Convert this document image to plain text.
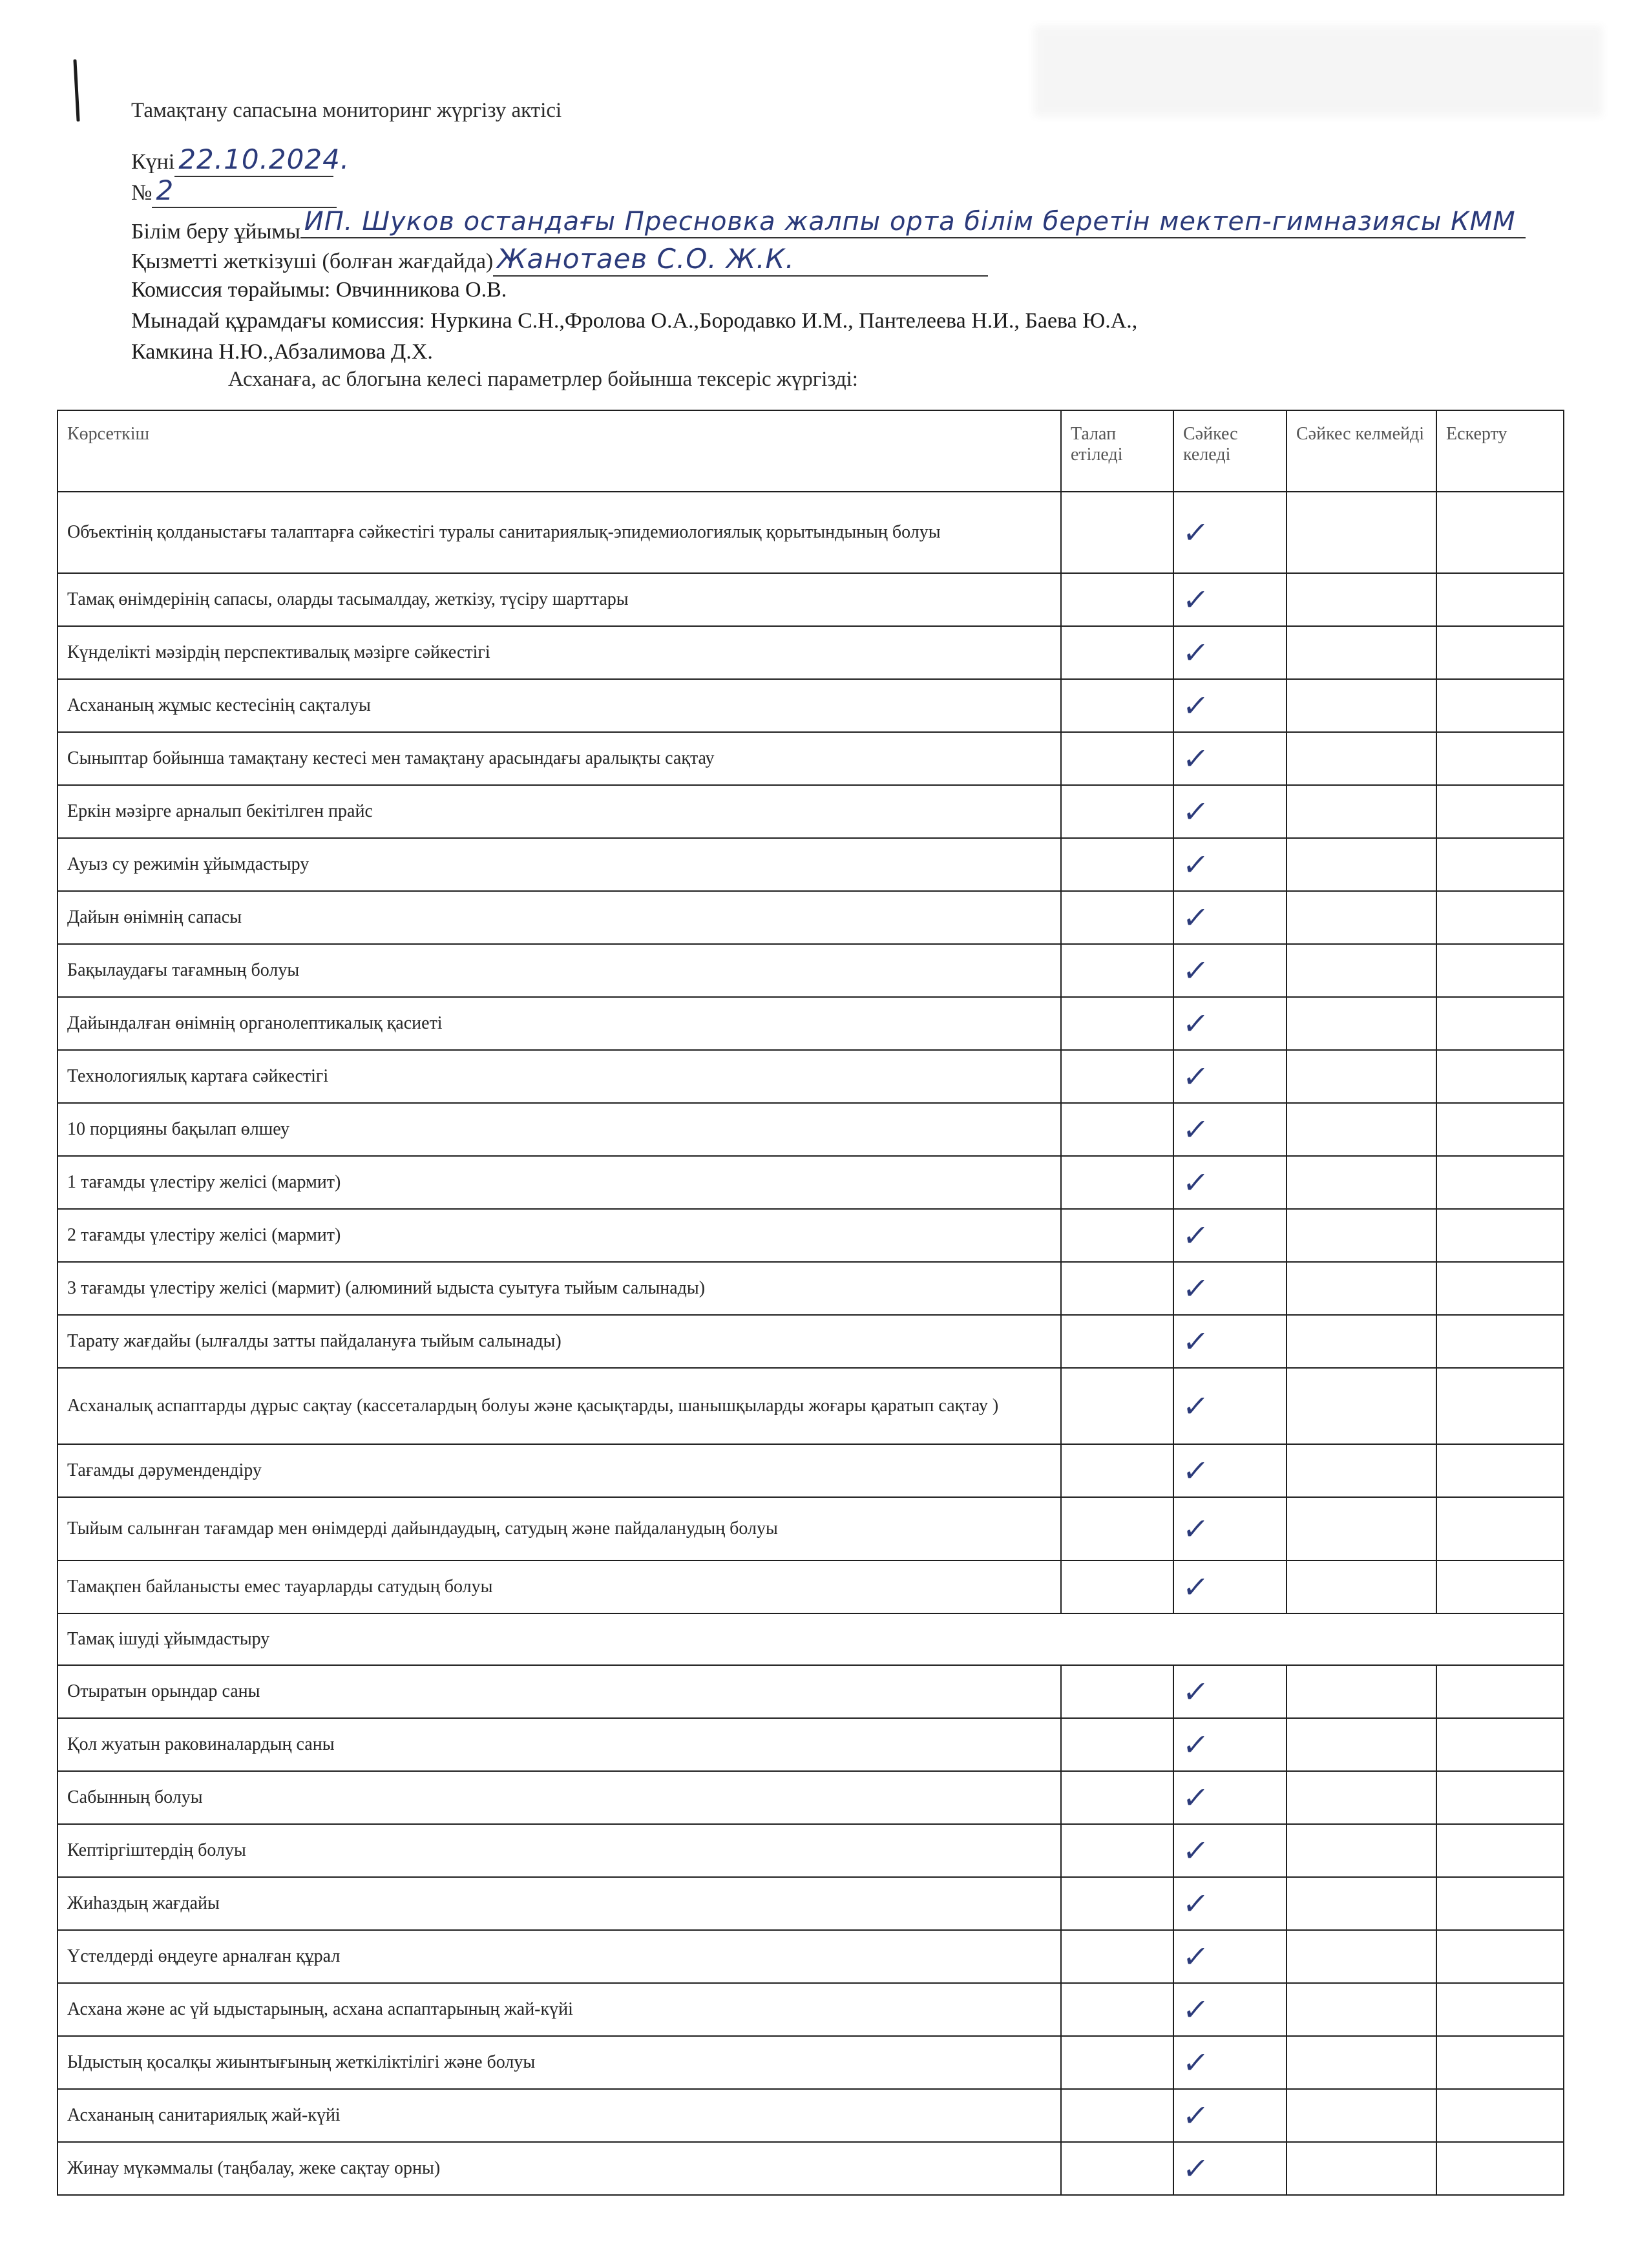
Тамақтану сапасына мониторинг жүргізу актісі
Күні 22.10.2024.
№ 2
Білім беру ұйымы ИП. Шуков остандағы Пресновка жалпы орта білім беретін мектеп-гимназиясы КММ
Қызметті жеткізуші (болған жағдайда) Жанотаев С.О. Ж.К.
Комиссия төрайымы: Овчинникова О.В.
Мынадай құрамдағы комиссия: Нуркина С.Н.,Фролова О.А.,Бородавко И.М., Пантелеева Н.И., Баева Ю.А.,
Камкина Н.Ю.,Абзалимова Д.Х.
Асханаға, ас блогына келесі параметрлер бойынша тексеріс жүргізді:
Көрсеткіш	Талап етіледі	Сәйкес келеді	Сәйкес келмейді	Ескерту
Объектінің қолданыстағы талаптарға сәйкестігі туралы санитариялық-эпидемиологиялық қорытындының болуы		✓		
Тамақ өнімдерінің сапасы, оларды тасымалдау, жеткізу, түсіру шарттары		✓		
Күнделікті мәзірдің перспективалық мәзірге сәйкестігі		✓		
Асхананың жұмыс кестесінің сақталуы		✓		
Сыныптар бойынша тамақтану кестесі мен тамақтану арасындағы аралықты сақтау		✓		
Еркін мәзірге арналып бекітілген прайс		✓		
Ауыз су режимін ұйымдастыру		✓		
Дайын өнімнің сапасы		✓		
Бақылаудағы тағамның болуы		✓		
Дайындалған өнімнің органолептикалық қасиеті		✓		
Технологиялық картаға сәйкестігі		✓		
10 порцияны бақылап өлшеу		✓		
1 тағамды үлестіру желісі (мармит)		✓		
2 тағамды үлестіру желісі (мармит)		✓		
3 тағамды үлестіру желісі (мармит) (алюминий ыдыста суытуға тыйым салынады)		✓		
Тарату жағдайы (ылғалды затты пайдалануға тыйым салынады)		✓		
Асханалық аспаптарды дұрыс сақтау (кассеталардың болуы және қасықтарды, шанышқыларды жоғары қаратып сақтау )		✓		
Тағамды дәрумендендіру		✓		
Тыйым салынған тағамдар мен өнімдерді дайындаудың, сатудың және пайдаланудың болуы		✓		
Тамақпен байланысты емес тауарларды сатудың болуы		✓		
Тамақ ішуді ұйымдастыру				
Отыратын орындар саны		✓		
Қол жуатын раковиналардың саны		✓		
Сабынның болуы		✓		
Кептіргіштердің болуы		✓		
Жиһаздың жағдайы		✓		
Үстелдерді өңдеуге арналған құрал		✓		
Асхана және ас үй ыдыстарының, асхана аспаптарының жай-күйі		✓		
Ыдыстың қосалқы жиынтығының жеткіліктілігі және болуы		✓		
Асхананың санитариялық жай-күйі		✓		
Жинау мүкәммалы (таңбалау, жеке сақтау орны)		✓		
